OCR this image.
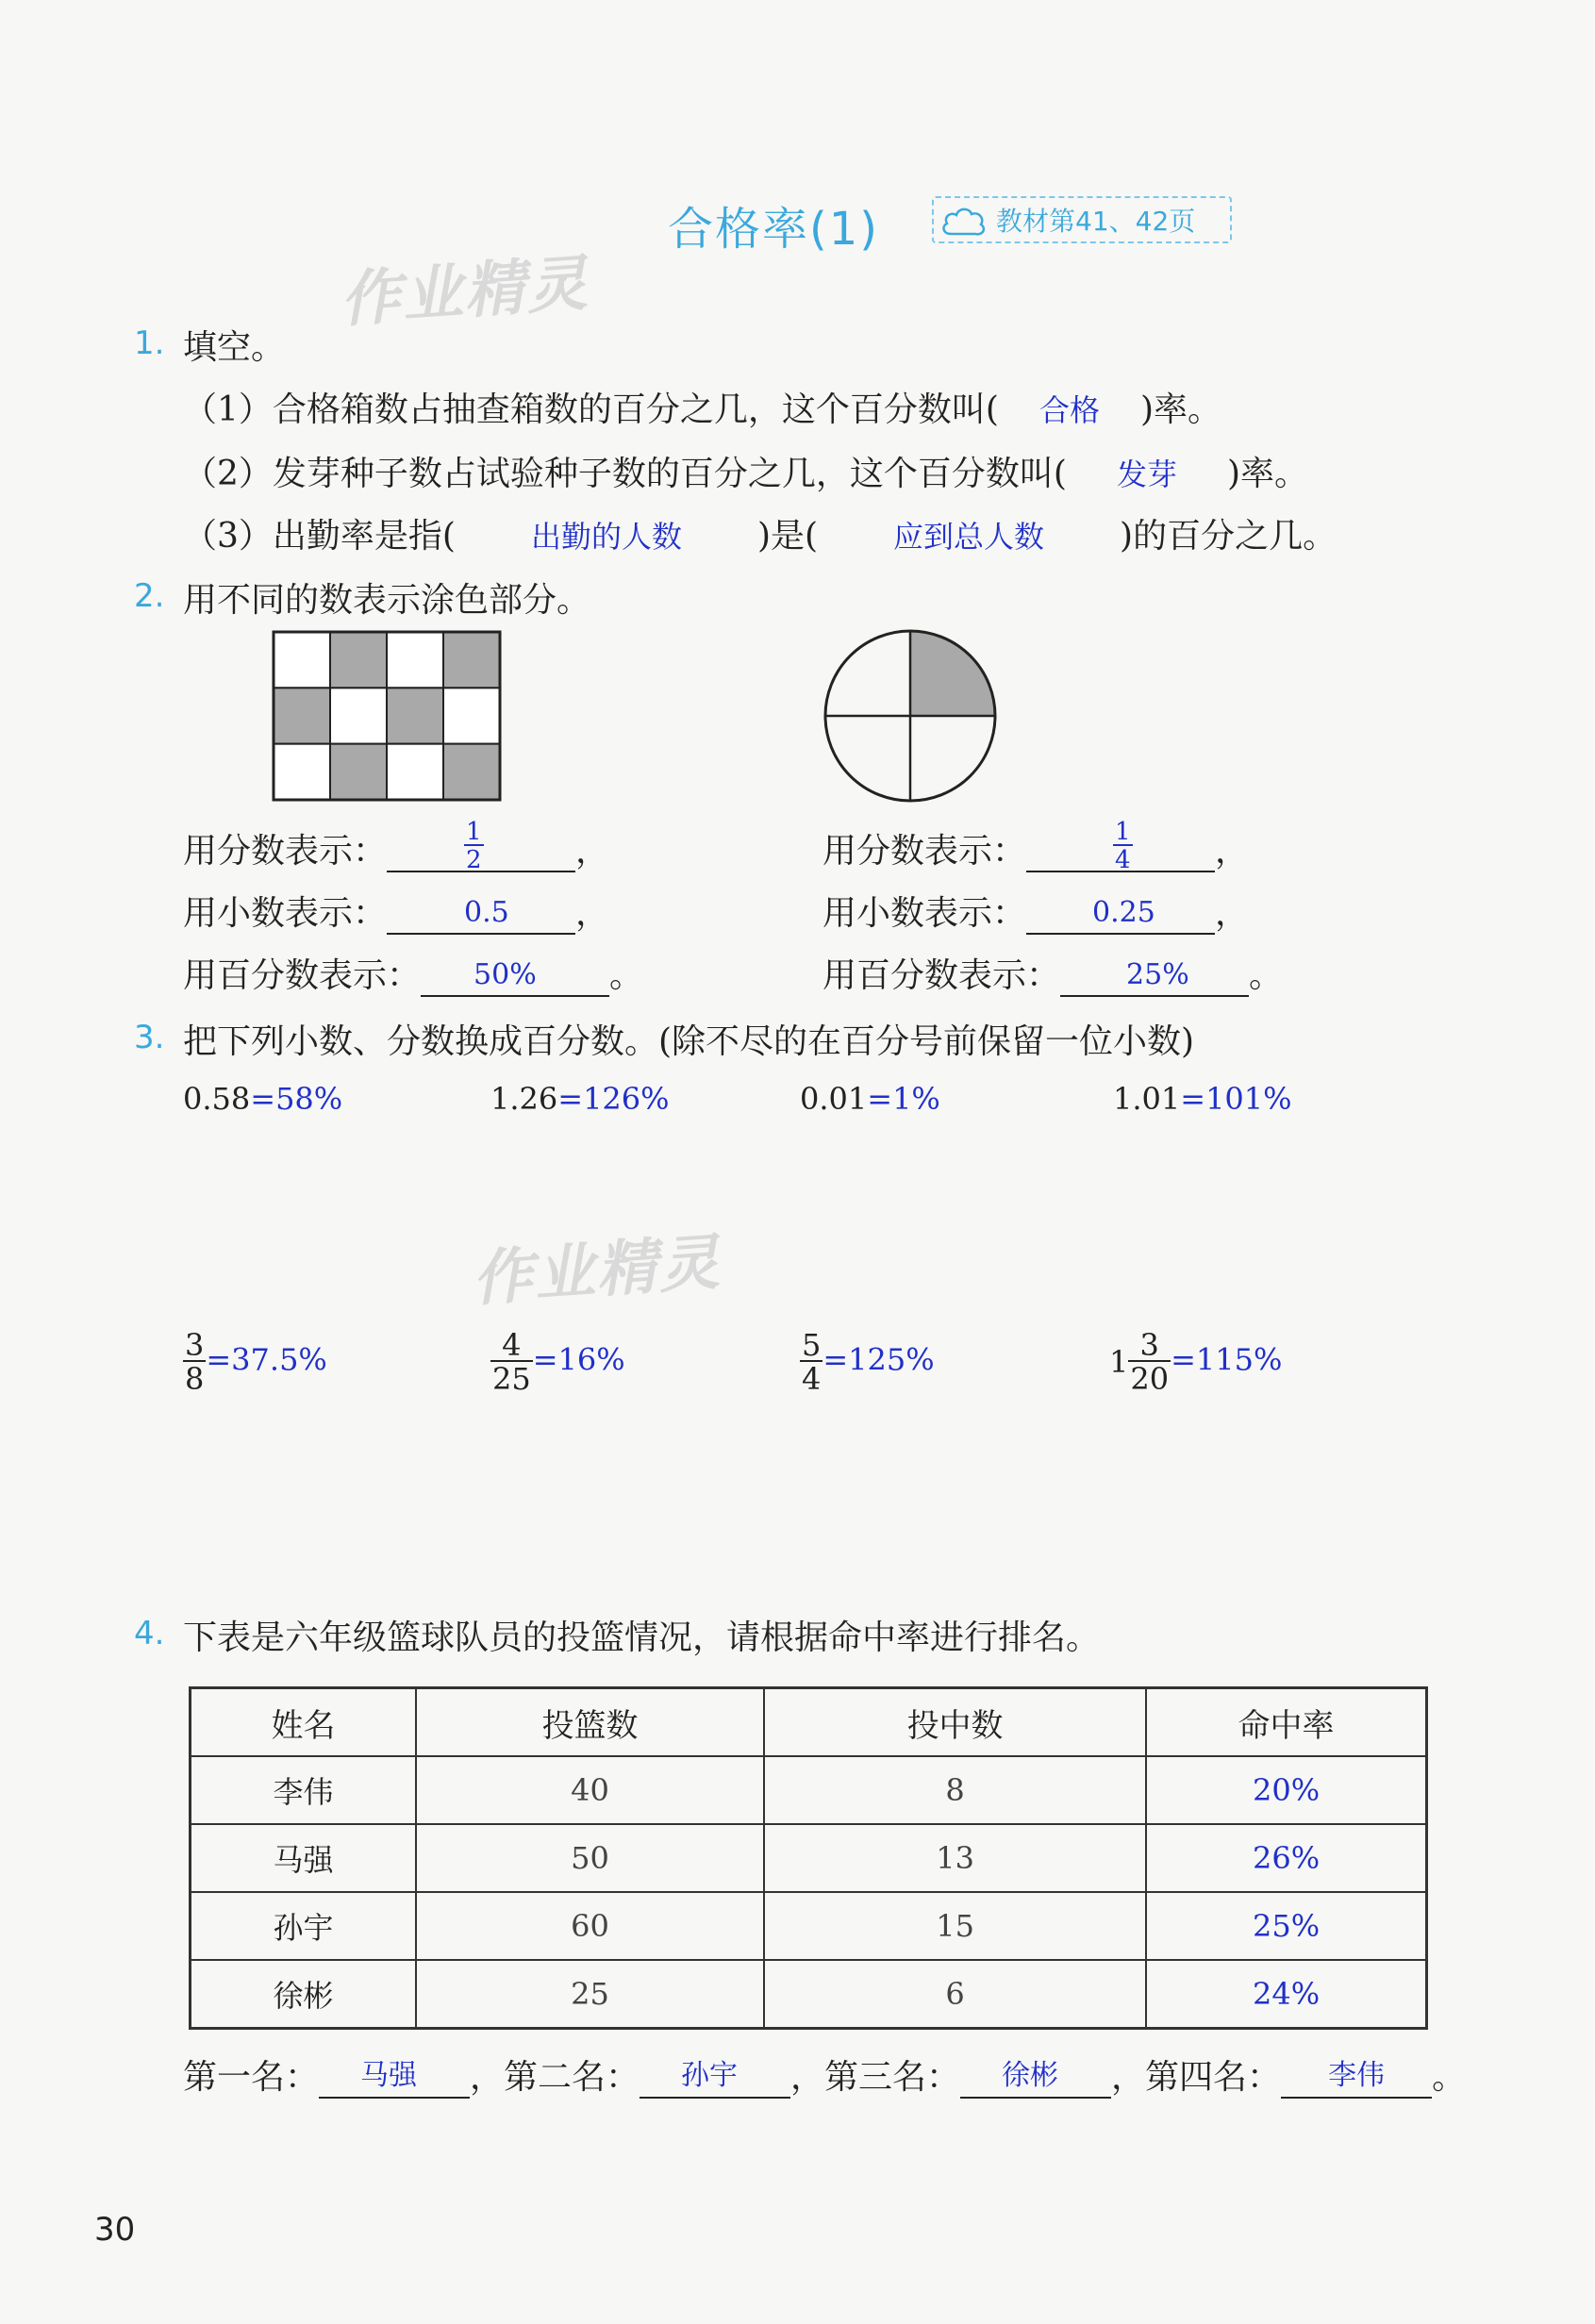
合格率(1)	教材第41、42页
作业精灵
1. 填空。
（1）合格箱数占抽查箱数的百分之几，这个百分数叫( 合格 )率。
（2）发芽种子数占试验种子数的百分之几，这个百分数叫( 发芽 )率。
（3）出勤率是指( 出勤的人数 )是( 应到总人数 )的百分之几。
2. 用不同的数表示涂色部分。
用分数表示：	$\frac{1}{2}$	，
用小数表示：	0.5 ，
用百分数表示： 50% 。
用分数表示：	$\frac{1}{4}$ ，
用小数表示： 0.25 ，
用百分数表示： 25% 。
3. 把下列小数、分数换成百分数。(除不尽的在百分号前保留一位小数)
0.58=58%	1.26=126%	0.01=1%	1.01=101%
作业精灵
$\frac{3}{8} =37.5\%$	$\frac{4}{25} =16\%$	$\frac{5}{4} =125\%$	$1 \frac{3}{20} =115\%$
4. 下表是六年级篮球队员的投篮情况，请根据命中率进行排名。
姓名	投篮数	投中数	命中率
李伟	40	8	20%
马强	50	13	26%
孙宇	60	15	25%
徐彬	25	6	24%
第一名： 马强 ，第二名： 孙宇 ，第三名： 徐彬 ，第四名： 李伟 。
30
